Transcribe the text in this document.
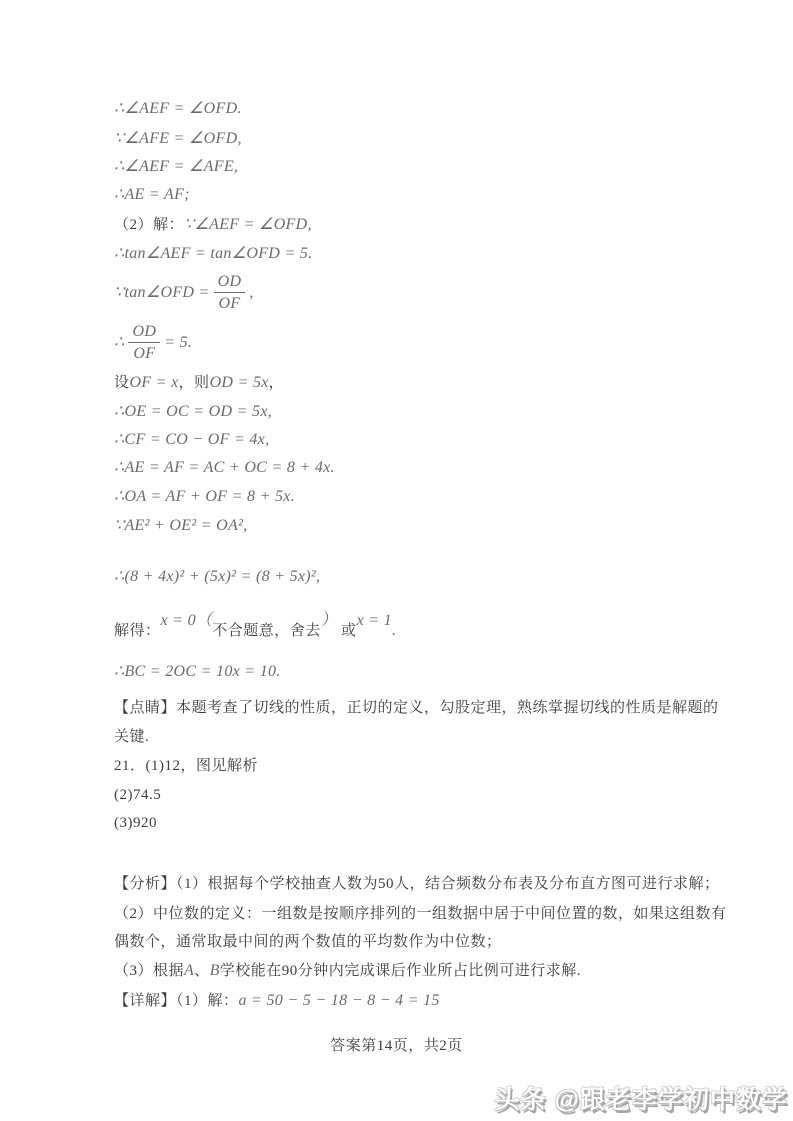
∴∠AEF = ∠OFD.
∵∠AFE = ∠OFD,
∴∠AEF = ∠AFE,
∴AE = AF;
（2）解：∵∠AEF = ∠OFD,
∴tan∠AEF = tan∠OFD = 5.
∵tan∠OFD = $\frac{OD}{OF}$ ,
∴ $\frac{OD}{OF} = 5$.
设OF = x，则OD = 5x，
∴OE = OC = OD = 5x,
∴CF = CO − OF = 4x,
∴AE = AF = AC + OC = 8 + 4x.
∴OA = AF + OF = 8 + 5x.
∵AE² + OE² = OA²,
∴(8 + 4x)² + (5x)² = (8 + 5x)²,
解得：x = 0（不合题意，舍去） 或x = 1.
∴BC = 2OC = 10x = 10.
【点睛】本题考查了切线的性质，正切的定义，勾股定理，熟练掌握切线的性质是解题的
关键.
21．(1)12，图见解析
(2)74.5
(3)920
【分析】（1）根据每个学校抽查人数为50人，结合频数分布表及分布直方图可进行求解；
（2）中位数的定义：一组数是按顺序排列的一组数据中居于中间位置的数，如果这组数有
偶数个，通常取最中间的两个数值的平均数作为中位数；
（3）根据A、B学校能在90分钟内完成课后作业所占比例可进行求解.
【详解】（1）解：a = 50 − 5 − 18 − 8 − 4 = 15
答案第14页，共2页
头条 @跟老李学初中数学
